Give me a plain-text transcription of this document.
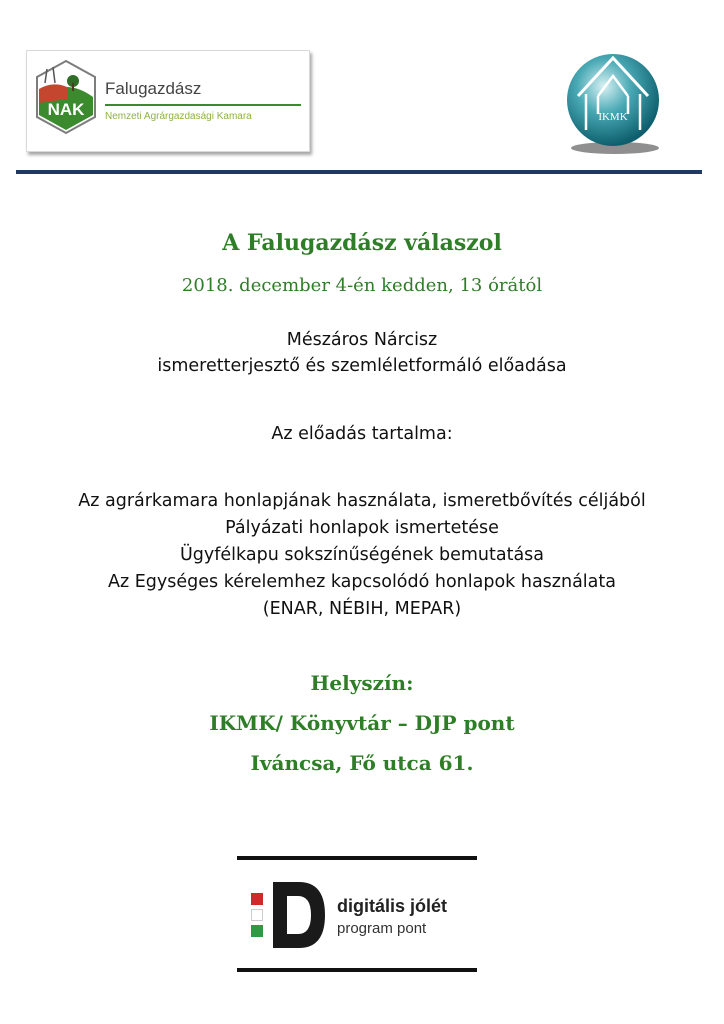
NAK
Falugazdász
Nemzeti Agrárgazdasági Kamara	IKMK
A Falugazdász válaszol
2018. december 4-én kedden, 13 órától
Mészáros Nárcisz
ismeretterjesztő és szemléletformáló előadása
Az előadás tartalma:
Az agrárkamara honlapjának használata, ismeretbővítés céljából
Pályázati honlapok ismertetése
Ügyfélkapu sokszínűségének bemutatása
Az Egységes kérelemhez kapcsolódó honlapok használata
(ENAR, NÉBIH, MEPAR)
Helyszín:
IKMK/ Könyvtár – DJP pont
Iváncsa, Fő utca 61.
digitális jólét
program pont
